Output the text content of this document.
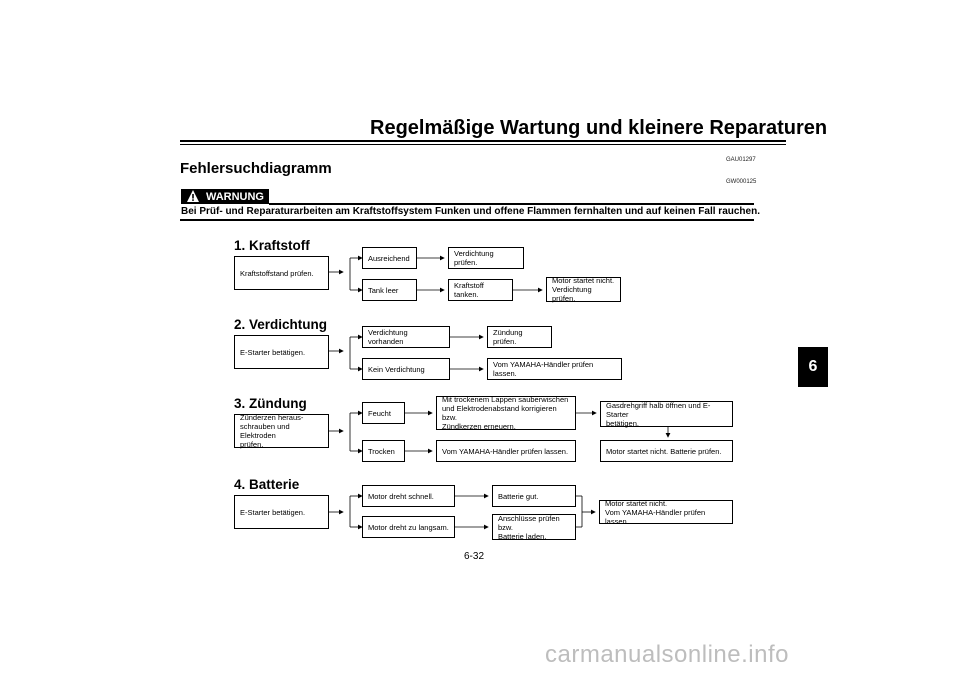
Regelmäßige Wartung und kleinere Reparaturen
GAU01297
Fehlersuchdiagramm
GW000125
WARNUNG
Bei Prüf- und Reparaturarbeiten am Kraftstoffsystem Funken und offene Flammen fernhalten und auf keinen Fall rauchen.
1. Kraftstoff
Kraftstoffstand prüfen.
Ausreichend	Verdichtung prüfen.
Tank leer	Kraftstoff tanken.
Motor startet nicht.
Verdichtung prüfen.
2. Verdichtung
E-Starter betätigen.
Verdichtung vorhanden
Zündung prüfen.
Kein Verdichtung	Vom YAMAHA-Händler prüfen lassen.
3. Zündung
Zünderzen heraus-
schrauben und Elektroden
prüfen.
Feucht
Mit trockenem Lappen sauberwischen
und Elektrodenabstand korrigieren bzw.
Zündkerzen erneuern.
Gasdrehgriff halb öffnen und E-Starter
betätigen.
Trocken	Vom YAMAHA-Händler prüfen lassen.	Motor startet nicht. Batterie prüfen.
4. Batterie
E-Starter betätigen.
Motor dreht schnell.	Batterie gut.
Motor dreht zu langsam.
Anschlüsse prüfen bzw.
Batterie laden.
Motor startet nicht.
Vom YAMAHA-Händler prüfen lassen.
6
6-32
carmanualsonline.info
